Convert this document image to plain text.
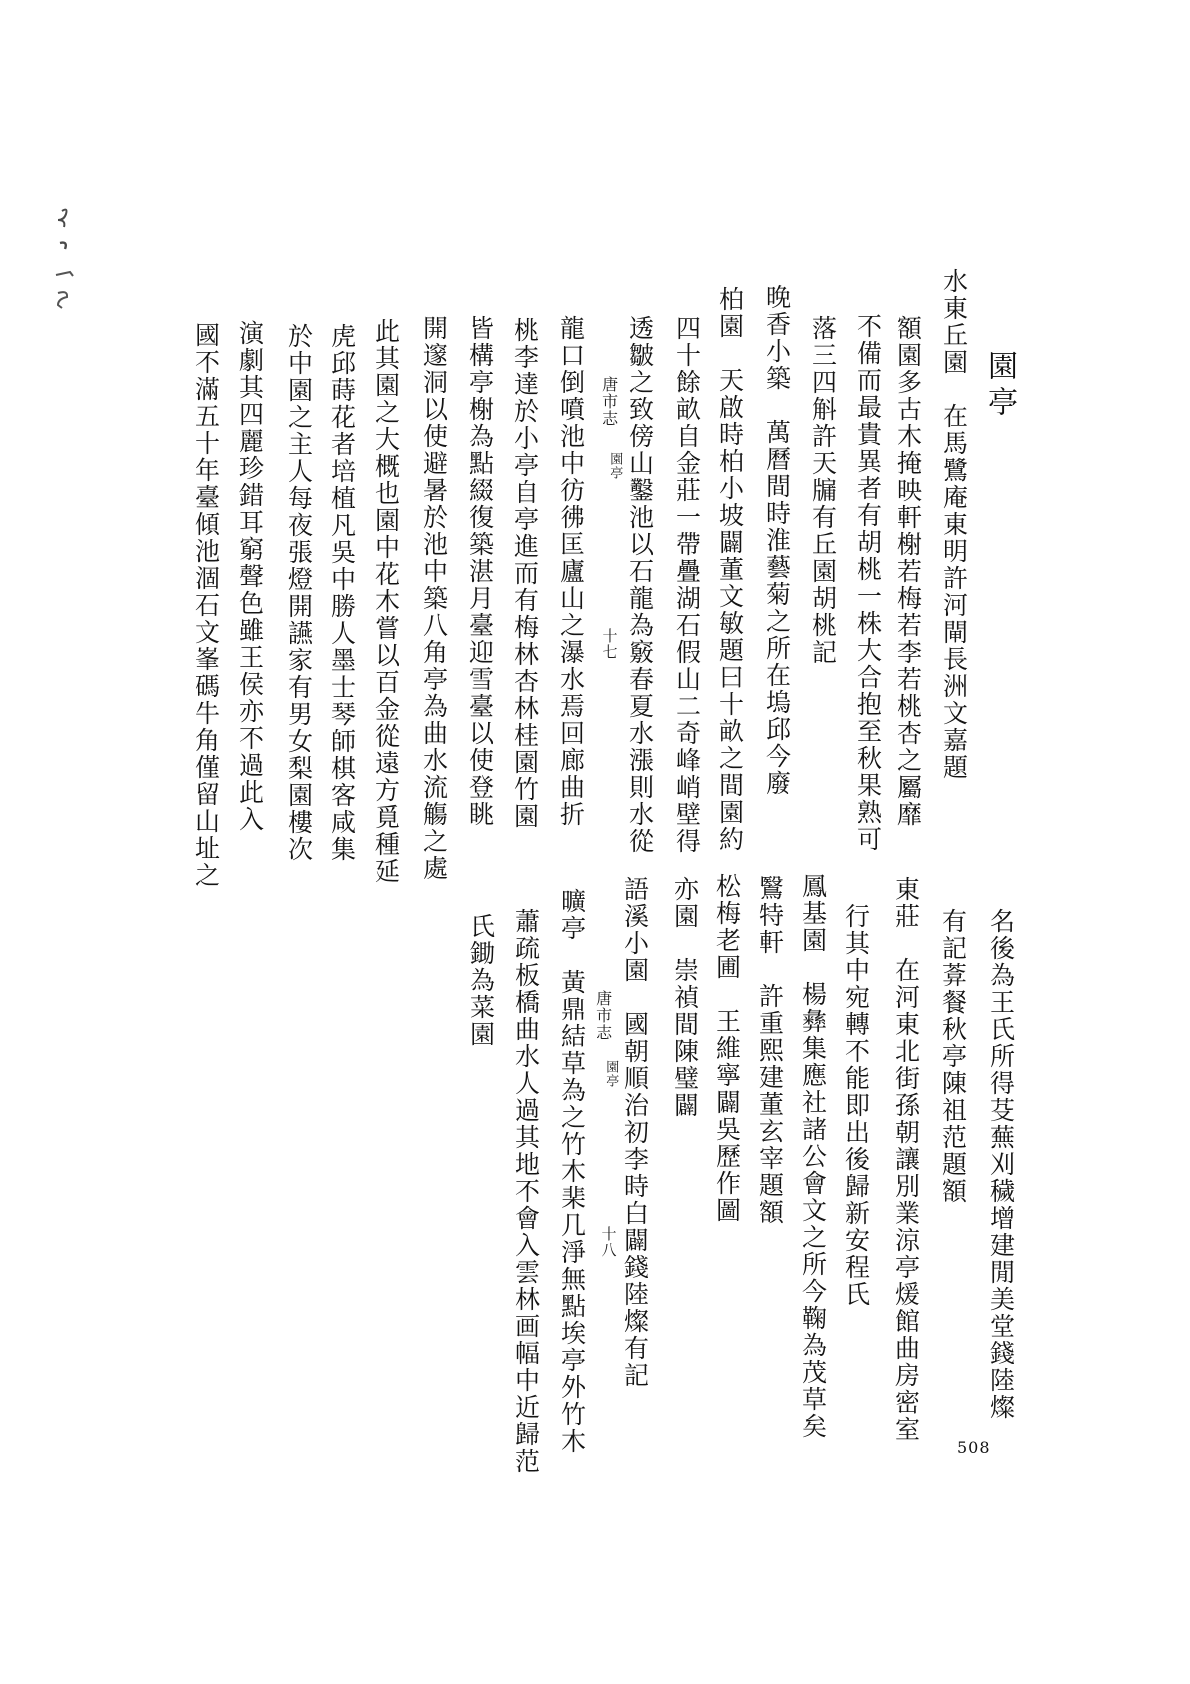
園亭
水東丘園　在馬鷺庵東明許河閘長洲文嘉題
額園多古木掩映軒榭若梅若李若桃杏之屬靡
不備而最貴異者有胡桃一株大合抱至秋果熟可
落三四斛許天牖有丘園胡桃記
晚香小築　萬曆間時淮藝菊之所在塢邱今廢
柏園　天啟時柏小坡闢董文敏題曰十畝之間園約
四十餘畝自金莊一帶疊湖石假山二奇峰峭壁得
透皺之致傍山鑿池以石龍為竅春夏水漲則水從
唐市志
園亭
十七
龍口倒噴池中彷彿匡廬山之瀑水焉回廊曲折
桃李達於小亭自亭進而有梅林杏林桂園竹園
皆構亭榭為點綴復築湛月臺迎雪臺以使登眺
開邃洞以使避暑於池中築八角亭為曲水流觴之處
此其園之大概也園中花木嘗以百金從遠方覓種延
虎邱蒔花者培植凡吳中勝人墨士琴師棋客咸集
於中園之主人每夜張燈開讌家有男女梨園樓次
演劇其四麗珍錯耳窮聲色雖王侯亦不過此入
國不滿五十年臺傾池涸石文峯碼牛角僅留山址之
名後為王氏所得芟蕪刈穢增建閒美堂錢陸燦
有記葊餐秋亭陳祖范題額
東莊　在河東北街孫朝讓別業涼亭煖館曲房密室
行其中宛轉不能即出後歸新安程氏
鳳基園　楊彝集應社諸公會文之所今鞠為茂草矣
鷖特軒　許重熙建董玄宰題額
松梅老圃　王維寧闢吳歷作圖
亦園　崇禎間陳璧闢
語溪小園　國朝順治初李時白闢錢陸燦有記
唐市志
園亭
十八
曠亭　黃鼎結草為之竹木棐几淨無點埃亭外竹木
蕭疏板橋曲水人過其地不會入雲林画幅中近歸范
氏鋤為菜園
508
